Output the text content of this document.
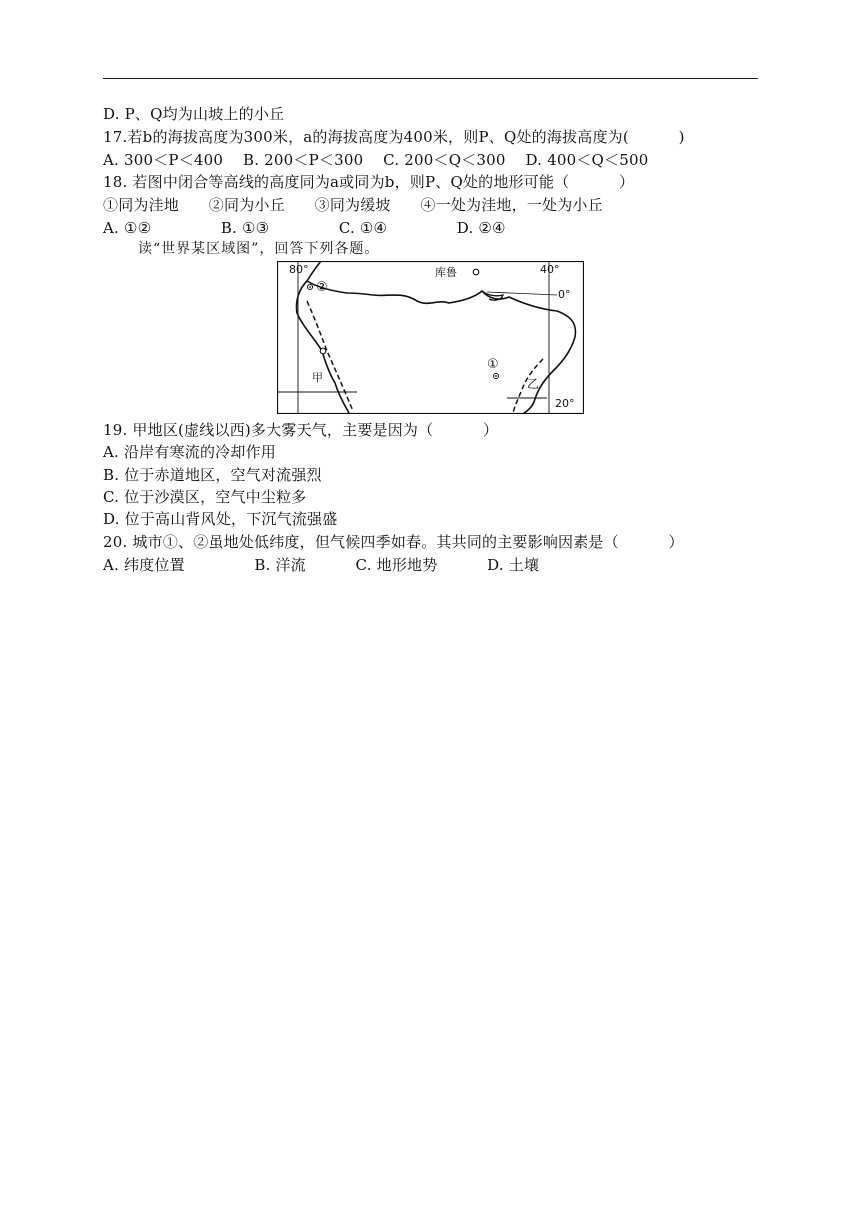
D. P、Q均为山坡上的小丘
17.若b的海拔高度为300米，a的海拔高度为400米，则P、Q处的海拔高度为(          )
A. 300＜P＜400    B. 200＜P＜300    C. 200＜Q＜300    D. 400＜Q＜500
18. 若图中闭合等高线的高度同为a或同为b，则P、Q处的地形可能（          ）
①同为洼地      ②同为小丘      ③同为缓坡      ④一处为洼地，一处为小丘
A. ①②              B. ①③              C. ①④              D. ②④
读“世界某区域图”，回答下列各题。
80°	40°
0°
20°
库鲁
②
①
甲	乙
19. 甲地区(虚线以西)多大雾天气，主要是因为（          ）
A. 沿岸有寒流的冷却作用
B. 位于赤道地区，空气对流强烈
C. 位于沙漠区，空气中尘粒多
D. 位于高山背风处，下沉气流强盛
20. 城市①、②虽地处低纬度，但气候四季如春。其共同的主要影响因素是（          ）
A. 纬度位置              B. 洋流          C. 地形地势          D. 土壤
